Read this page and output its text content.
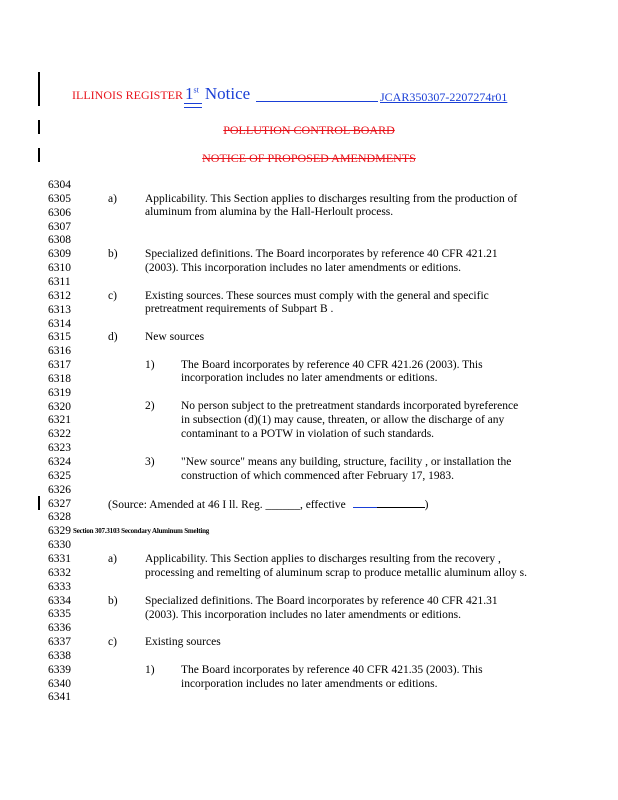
ILLINOIS REGISTER 1st Notice	JCAR350307-2207274r01
POLLUTION CONTROL BOARD
NOTICE OF PROPOSED AMENDMENTS
6304
6305
6306
6307
6308
6309
6310
6311
6312
6313
6314
6315
6316
6317
6318
6319
6320
6321
6322
6323
6324
6325
6326
6327
6328
6329
6330
6331
6332
6333
6334
6335
6336
6337
6338
6339
6340
6341
a) Applicability. This Section applies to discharges resulting from the production of
aluminum from alumina by the Hall-Herloult process.
b) Specialized definitions. The Board incorporates by reference 40 CFR 421.21
(2003). This incorporation includes no later amendments or editions.
c) Existing sources. These sources must comply with the general and specific
pretreatment requirements of Subpart B .
d) New sources
1) The Board incorporates by reference 40 CFR 421.26 (2003). This
incorporation includes no later amendments or editions.
2) No person subject to the pretreatment standards incorporated byreference
in subsection (d)(1) may cause, threaten, or allow the discharge of any
contaminant to a POTW in violation of such standards.
3) "New source" means any building, structure, facility , or installation the
construction of which commenced after February 17, 1983.
(Source: Amended at 46 I ll. Reg. ______, effective	)
Section 307.3103 Secondary Aluminum Smelting
a) Applicability. This Section applies to discharges resulting from the recovery ,
processing and remelting of aluminum scrap to produce metallic aluminum alloy s.
b) Specialized definitions. The Board incorporates by reference 40 CFR 421.31
(2003). This incorporation includes no later amendments or editions.
c) Existing sources
1) The Board incorporates by reference 40 CFR 421.35 (2003). This
incorporation includes no later amendments or editions.
